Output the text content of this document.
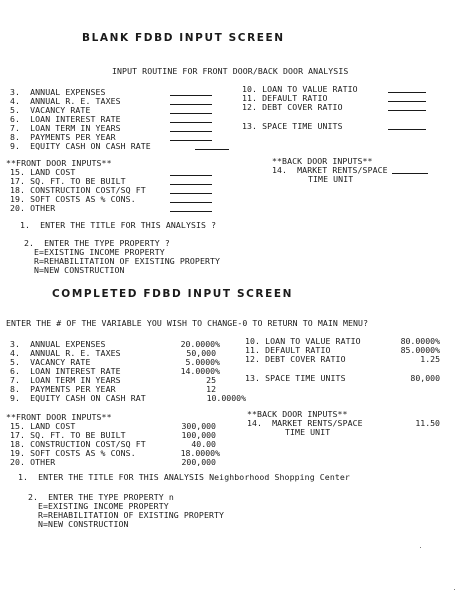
BLANK FDBD INPUT SCREEN
INPUT ROUTINE FOR FRONT DOOR/BACK DOOR ANALYSIS
3. ANNUAL EXPENSES
4. ANNUAL R. E. TAXES
5. VACANCY RATE
6. LOAN INTEREST RATE
7. LOAN TERM IN YEARS
8. PAYMENTS PER YEAR
9. EQUITY CASH ON CASH RATE
10. LOAN TO VALUE RATIO
11. DEFAULT RATIO
12. DEBT COVER RATIO
13. SPACE TIME UNITS
**FRONT DOOR INPUTS**
15. LAND COST
17. SQ. FT. TO BE BUILT
18. CONSTRUCTION COST/SQ FT
19. SOFT COSTS AS % CONS.
20. OTHER
**BACK DOOR INPUTS**
14. MARKET RENTS/SPACE
TIME UNIT
1.  ENTER THE TITLE FOR THIS ANALYSIS ?
2.  ENTER THE TYPE PROPERTY ?
E=EXISTING INCOME PROPERTY
R=REHABILITATION OF EXISTING PROPERTY
N=NEW CONSTRUCTION
COMPLETED FDBD INPUT SCREEN
ENTER THE # OF THE VARIABLE YOU WISH TO CHANGE-0 TO RETURN TO MAIN MENU?
3. ANNUAL EXPENSES	20.0000%
4. ANNUAL R. E. TAXES	50,000
5. VACANCY RATE	5.0000%
6. LOAN INTEREST RATE	14.0000%
7. LOAN TERM IN YEARS	25
8. PAYMENTS PER YEAR	12
9. EQUITY CASH ON CASH RAT	10.0000%
10. LOAN TO VALUE RATIO	80.0000%
11. DEFAULT RATIO	85.0000%
12. DEBT COVER RATIO	1.25
13. SPACE TIME UNITS	80,000
**FRONT DOOR INPUTS**
15. LAND COST	300,000
17. SQ. FT. TO BE BUILT	100,000
18. CONSTRUCTION COST/SQ FT	40.00
19. SOFT COSTS AS % CONS.	18.0000%
20. OTHER	200,000
**BACK DOOR INPUTS**
14. MARKET RENTS/SPACE	11.50
TIME UNIT
1.  ENTER THE TITLE FOR THIS ANALYSIS Neighborhood Shopping Center
2.  ENTER THE TYPE PROPERTY n
E=EXISTING INCOME PROPERTY
R=REHABILITATION OF EXISTING PROPERTY
N=NEW CONSTRUCTION
